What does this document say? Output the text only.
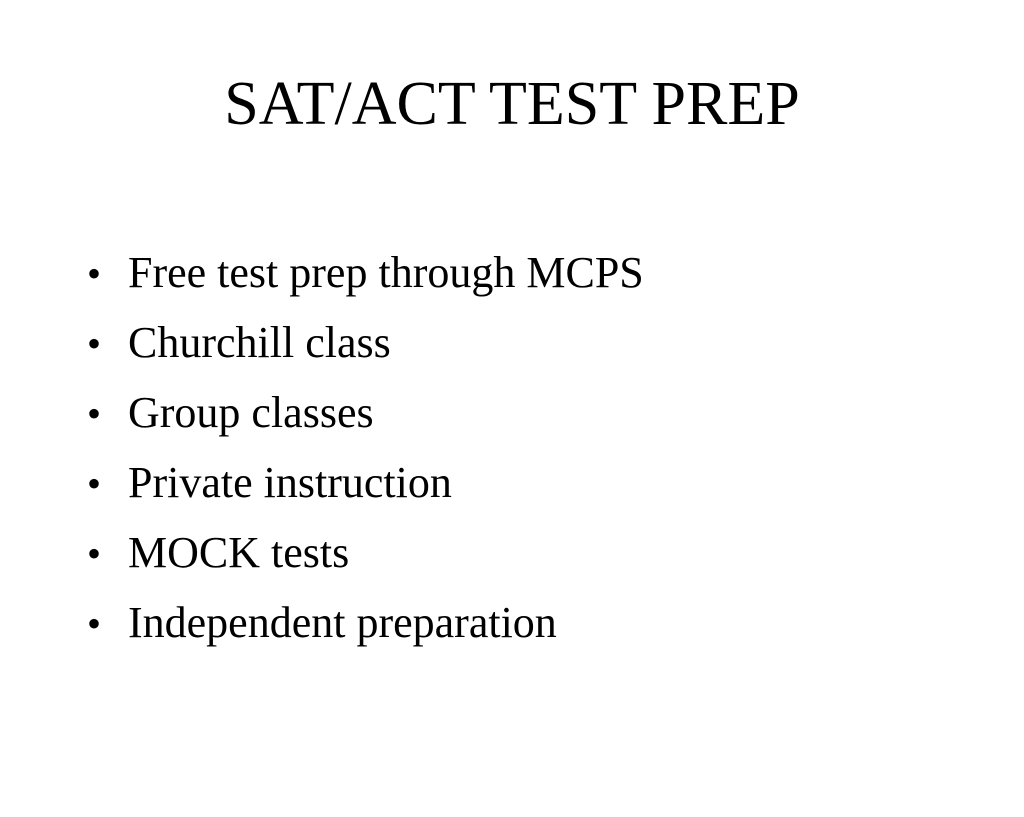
SAT/ACT TEST PREP
• Free test prep through MCPS
• Churchill class
• Group classes
• Private instruction
• MOCK tests
• Independent preparation
